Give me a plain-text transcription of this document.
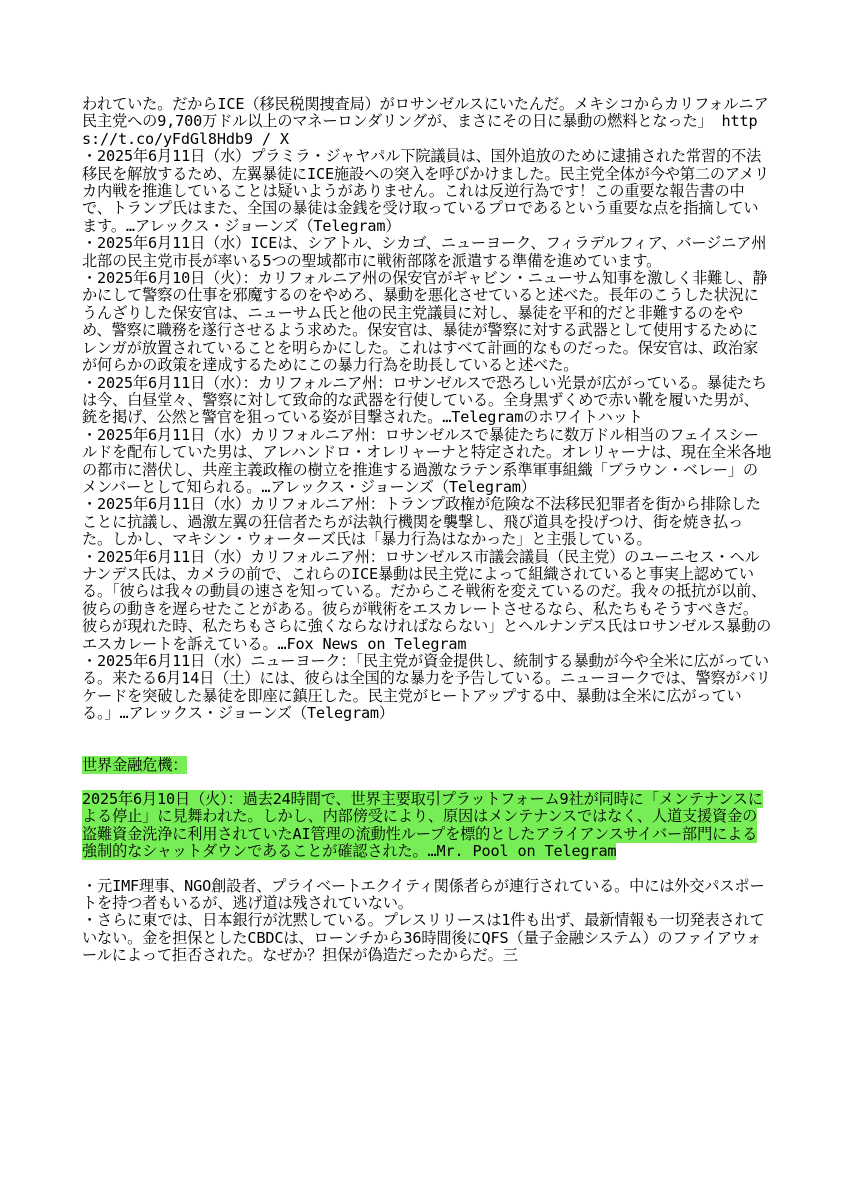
われていた。だからICE（移民税関捜査局）がロサンゼルスにいたんだ。メキシコからカリフォルニア民主党への9,700万ドル以上のマネーロンダリングが、まさにその日に暴動の燃料となった」 https://t.co/yFdGl8Hdb9 / X

・2025年6月11日（水）プラミラ・ジャヤパル下院議員は、国外追放のために逮捕された常習的不法移民を解放するため、左翼暴徒にICE施設への突入を呼びかけました。民主党全体が今や第二のアメリカ内戦を推進していることは疑いようがありません。これは反逆行為です！この重要な報告書の中で、トランプ氏はまた、全国の暴徒は金銭を受け取っているプロであるという重要な点を指摘しています。…アレックス・ジョーンズ（Telegram）

・2025年6月11日（水）ICEは、シアトル、シカゴ、ニューヨーク、フィラデルフィア、バージニア州北部の民主党市長が率いる5つの聖域都市に戦術部隊を派遣する準備を進めています。

・2025年6月10日（火）：カリフォルニア州の保安官がギャビン・ニューサム知事を激しく非難し、静かにして警察の仕事を邪魔するのをやめろ、暴動を悪化させていると述べた。長年のこうした状況にうんざりした保安官は、ニューサム氏と他の民主党議員に対し、暴徒を平和的だと非難するのをやめ、警察に職務を遂行させるよう求めた。保安官は、暴徒が警察に対する武器として使用するためにレンガが放置されていることを明らかにした。これはすべて計画的なものだった。保安官は、政治家が何らかの政策を達成するためにこの暴力行為を助長していると述べた。

・2025年6月11日（水）：カリフォルニア州：ロサンゼルスで恐ろしい光景が広がっている。暴徒たちは今、白昼堂々、警察に対して致命的な武器を行使している。全身黒ずくめで赤い靴を履いた男が、銃を掲げ、公然と警官を狙っている姿が目撃された。…Telegramのホワイトハット

・2025年6月11日（水）カリフォルニア州：ロサンゼルスで暴徒たちに数万ドル相当のフェイスシールドを配布していた男は、アレハンドロ・オレリャーナと特定された。オレリャーナは、現在全米各地の都市に潜伏し、共産主義政権の樹立を推進する過激なラテン系準軍事組織「ブラウン・ベレー」のメンバーとして知られる。…アレックス・ジョーンズ（Telegram）

・2025年6月11日（水）カリフォルニア州：トランプ政権が危険な不法移民犯罪者を街から排除したことに抗議し、過激左翼の狂信者たちが法執行機関を襲撃し、飛び道具を投げつけ、街を焼き払った。しかし、マキシン・ウォーターズ氏は「暴力行為はなかった」と主張している。

・2025年6月11日（水）カリフォルニア州：ロサンゼルス市議会議員（民主党）のユーニセス・ヘルナンデス氏は、カメラの前で、これらのICE暴動は民主党によって組織されていると事実上認めている。「彼らは我々の動員の速さを知っている。だからこそ戦術を変えているのだ。我々の抵抗が以前、彼らの動きを遅らせたことがある。彼らが戦術をエスカレートさせるなら、私たちもそうすべきだ。彼らが現れた時、私たちもさらに強くならなければならない」とヘルナンデス氏はロサンゼルス暴動のエスカレートを訴えている。…Fox News on Telegram

・2025年6月11日（水）ニューヨーク：「民主党が資金提供し、統制する暴動が今や全米に広がっている。来たる6月14日（土）には、彼らは全国的な暴力を予告している。ニューヨークでは、警察がバリケードを突破した暴徒を即座に鎮圧した。民主党がヒートアップする中、暴動は全米に広がっている。」…アレックス・ジョーンズ（Telegram）

世界金融危機：

2025年6月10日（火）：過去24時間で、世界主要取引プラットフォーム9社が同時に「メンテナンスによる停止」に見舞われた。しかし、内部傍受により、原因はメンテナンスではなく、人道支援資金の盗難資金洗浄に利用されていたAI管理の流動性ループを標的としたアライアンスサイバー部門による強制的なシャットダウンであることが確認された。…Mr. Pool on Telegram

・元IMF理事、NGO創設者、プライベートエクイティ関係者らが連行されている。中には外交パスポートを持つ者もいるが、逃げ道は残されていない。

・さらに東では、日本銀行が沈黙している。プレスリリースは1件も出ず、最新情報も一切発表されていない。金を担保としたCBDCは、ローンチから36時間後にQFS（量子金融システム）のファイアウォールによって拒否された。なぜか？担保が偽造だったからだ。三
